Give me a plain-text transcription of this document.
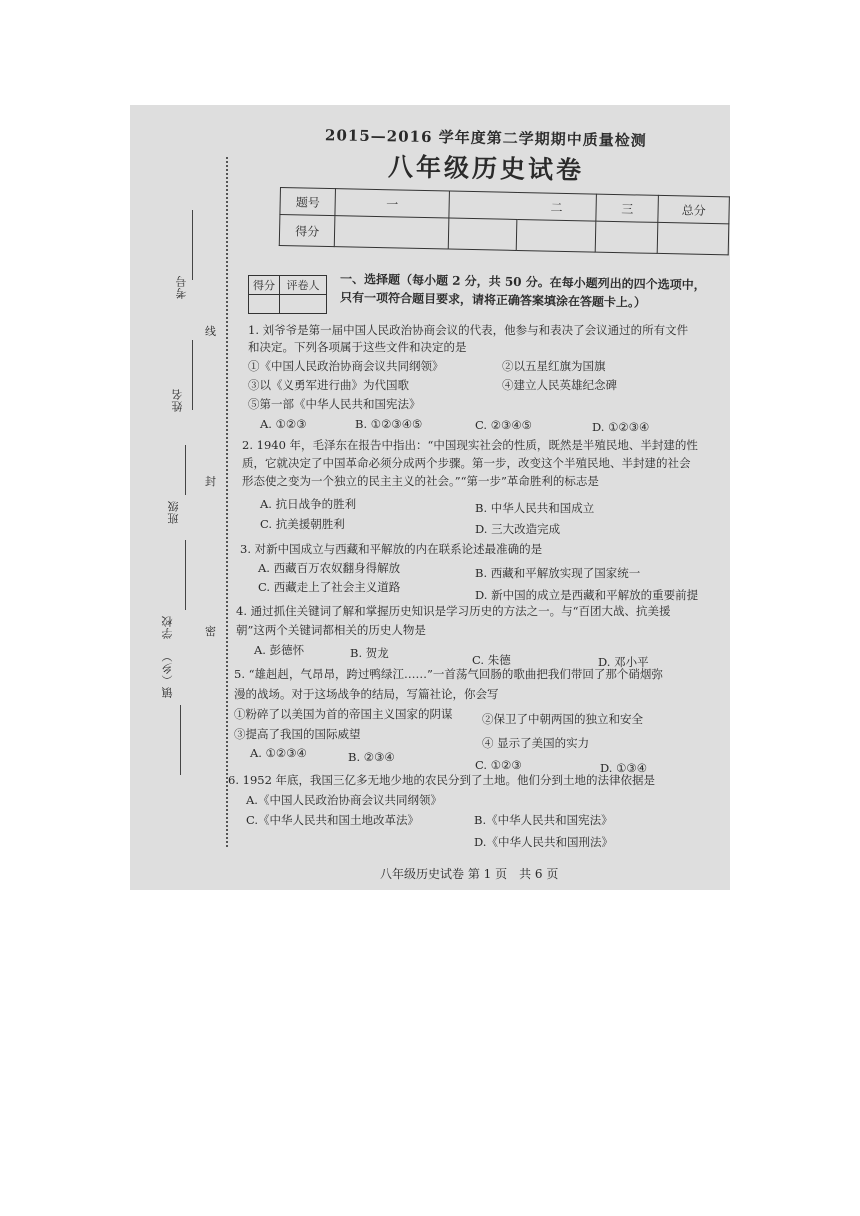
考号
姓名
班级
学校
镇（乡）
线
封
密
2015—2016 学年度第二学期期中质量检测
八年级历史试卷
题号	一		二	三	总分
得分					
得分	评卷人
	一、选择题（每小题 2 分，共 50 分。在每小题列出的四个选项中，
只有一项符合题目要求，请将正确答案填涂在答题卡上。）
1. 刘爷爷是第一届中国人民政治协商会议的代表，他参与和表决了会议通过的所有文件
和决定。下列各项属于这些文件和决定的是
①《中国人民政治协商会议共同纲领》	②以五星红旗为国旗
③以《义勇军进行曲》为代国歌	④建立人民英雄纪念碑
⑤第一部《中华人民共和国宪法》
A. ①②③	B. ①②③④⑤	C. ②③④⑤	D. ①②③④
2. 1940 年，毛泽东在报告中指出：“中国现实社会的性质，既然是半殖民地、半封建的性
质，它就决定了中国革命必须分成两个步骤。第一步，改变这个半殖民地、半封建的社会
形态使之变为一个独立的民主主义的社会。”“第一步”革命胜利的标志是
A. 抗日战争的胜利	B. 中华人民共和国成立
C. 抗美援朝胜利	D. 三大改造完成
3. 对新中国成立与西藏和平解放的内在联系论述最准确的是
A. 西藏百万农奴翻身得解放	B. 西藏和平解放实现了国家统一
C. 西藏走上了社会主义道路
D. 新中国的成立是西藏和平解放的重要前提
4. 通过抓住关键词了解和掌握历史知识是学习历史的方法之一。与“百团大战、抗美援
朝”这两个关键词都相关的历史人物是
A. 彭德怀	B. 贺龙	C. 朱德	D. 邓小平
5. “雄赳赳，气昂昂，跨过鸭绿江……”一首荡气回肠的歌曲把我们带回了那个硝烟弥
漫的战场。对于这场战争的结局，写篇社论，你会写
①粉碎了以美国为首的帝国主义国家的阴谋	②保卫了中朝两国的独立和安全
③提高了我国的国际威望
④ 显示了美国的实力
A. ①②③④	B. ②③④
C. ①②③	D. ①③④
6. 1952 年底，我国三亿多无地少地的农民分到了土地。他们分到土地的法律依据是
A.《中国人民政治协商会议共同纲领》
C.《中华人民共和国土地改革法》	B.《中华人民共和国宪法》
D.《中华人民共和国刑法》
八年级历史试卷 第 1 页　共 6 页
